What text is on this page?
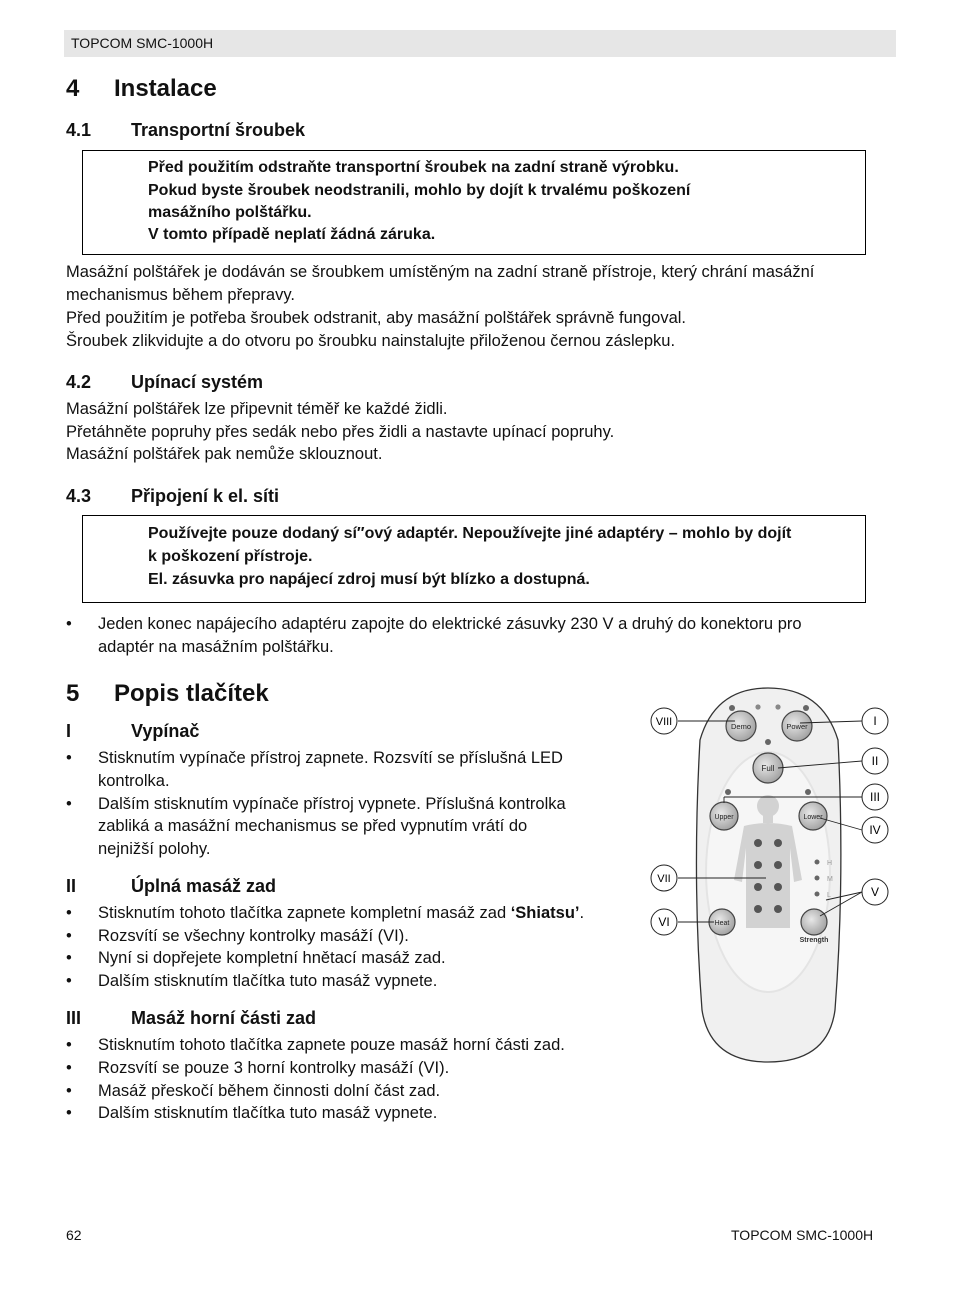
TOPCOM SMC-1000H
4 Instalace
4.1 Transportní šroubek
Před použitím odstraňte transportní šroubek na zadní straně výrobku.
Pokud byste šroubek neodstranili, mohlo by dojít k trvalému poškození
masážního polštářku.
V tomto případě neplatí žádná záruka.
Masážní polštářek je dodáván se šroubkem umístěným na zadní straně přístroje, který chrání masážní
mechanismus během přepravy.
Před použitím je potřeba šroubek odstranit, aby masážní polštářek správně fungoval.
Šroubek zlikvidujte a do otvoru po šroubku nainstalujte přiloženou černou záslepku.
4.2 Upínací systém
Masážní polštářek lze připevnit téměř ke každé židli.
Přetáhněte popruhy přes sedák nebo přes židli a nastavte upínací popruhy.
Masážní polštářek pak nemůže sklouznout.
4.3 Připojení k el. síti
Používejte pouze dodaný sí″ový adaptér. Nepoužívejte jiné adaptéry – mohlo by dojít
k poškození přístroje.
El. zásuvka pro napájecí zdroj musí být blízko a dostupná.
• Jeden konec napájecího adaptéru zapojte do elektrické zásuvky 230 V a druhý do konektoru pro
adaptér na masážním polštářku.
5 Popis tlačítek
I	Vypínač
• Stisknutím vypínače přístroj zapnete. Rozsvítí se příslušná LED
kontrolka.
• Dalším stisknutím vypínače přístroj vypnete. Příslušná kontrolka
zabliká a masážní mechanismus se před vypnutím vrátí do
nejnižší polohy.
II	Úplná masáž zad
• Stisknutím tohoto tlačítka zapnete kompletní masáž zad ‘Shiatsu’.
• Rozsvítí se všechny kontrolky masáží (VI).
• Nyní si dopřejete kompletní hnětací masáž zad.
• Dalším stisknutím tlačítka tuto masáž vypnete.
III	Masáž horní části zad
• Stisknutím tohoto tlačítka zapnete pouze masáž horní části zad.
• Rozsvítí se pouze 3 horní kontrolky masáží (VI).
• Masáž přeskočí během činnosti dolní část zad.
• Dalším stisknutím tlačítka tuto masáž vypnete.
Demo	Power
Full
Upper	Lower
H
M
L
Heat
Strength
VIII	I
II
III
IV
V
VII
VI
62	TOPCOM SMC-1000H
